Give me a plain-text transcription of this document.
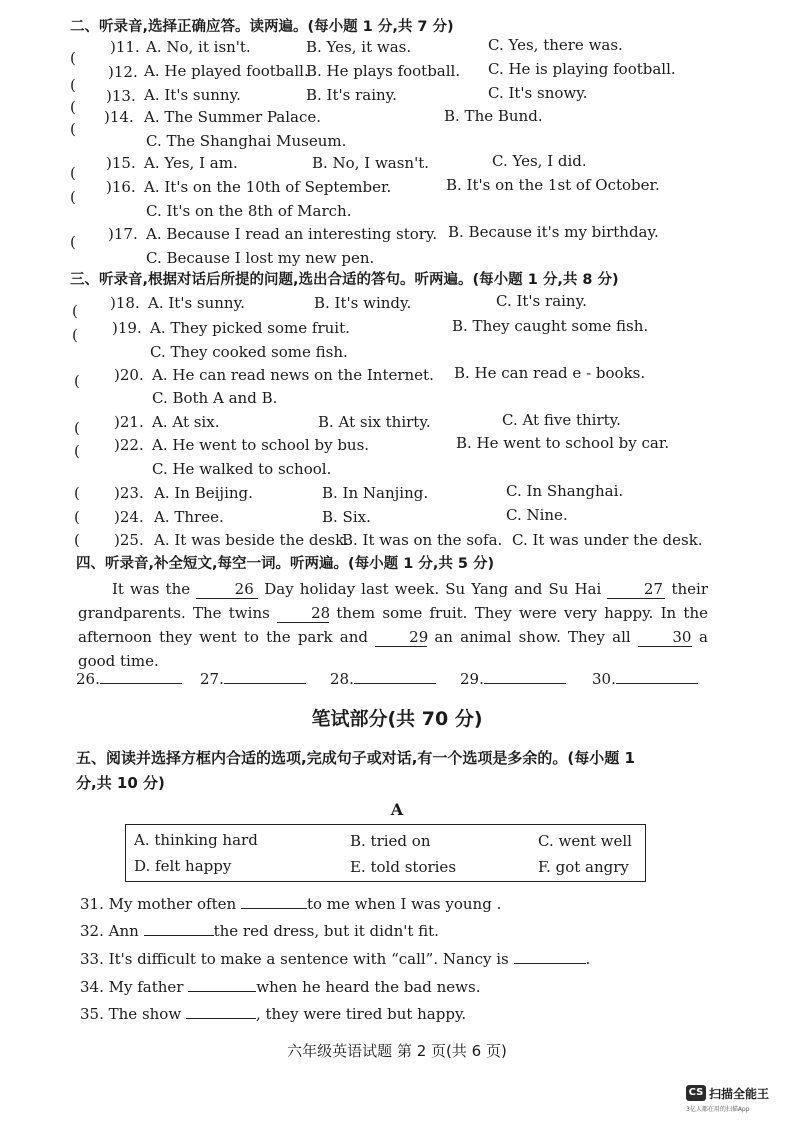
二、听录音,选择正确应答。读两遍。(每小题 1 分,共 7 分)
(
)11. A. No, it isn't.	B. Yes, it was.	C. Yes, there was.
(
)12. A. He played football.
B. He plays football. C. He is playing football.
(
)13. A. It's sunny.	B. It's rainy.	C. It's snowy.
(
)14. A. The Summer Palace.	B. The Bund.
C. The Shanghai Museum.
(
)15. A. Yes, I am.	B. No, I wasn't.	C. Yes, I did.
(
)16. A. It's on the 10th of September.	B. It's on the 1st of October.
C. It's on the 8th of March.
( )17. A. Because I read an interesting story. B. Because it's my birthday.
C. Because I lost my new pen.
三、听录音,根据对话后所提的问题,选出合适的答句。听两遍。(每小题 1 分,共 8 分)
( )18. A. It's sunny.	B. It's windy.	C. It's rainy.
( )19. A. They picked some fruit.	B. They caught some fish.
C. They cooked some fish.
( )20. A. He can read news on the Internet. B. He can read e - books.
C. Both A and B.
( )21. A. At six.	B. At six thirty.	C. At five thirty.
( )22. A. He went to school by bus.	B. He went to school by car.
C. He walked to school.
( )23. A. In Beijing.	B. In Nanjing.	C. In Shanghai.
( )24. A. Three.	B. Six.	C. Nine.
( )25. A. It was beside the desk.
B. It was on the sofa. C. It was under the desk.
四、听录音,补全短文,每空一词。听两遍。(每小题 1 分,共 5 分)
It was the	26 Day holiday last week. Su Yang and Su Hai	27 their grandparents. The twins	28 them some fruit. They were very happy. In the afternoon they went to the park and	29 an animal show. They all	30 a good time.
26.	27.	28.	29.	30.
笔试部分(共 70 分)
五、阅读并选择方框内合适的选项,完成句子或对话,有一个选项是多余的。(每小题 1
分,共 10 分)
A
A. thinking hard	B. tried on	C. went well
D. felt happy	E. told stories	F. got angry
31. My mother often	to me when I was young .
32. Ann	the red dress, but it didn't fit.
33. It's difficult to make a sentence with “call”. Nancy is	.
34. My father	when he heard the bad news.
35. The show	, they were tired but happy.
六年级英语试题 第 2 页(共 6 页)
CS 扫描全能王
3亿人都在用的扫描App
